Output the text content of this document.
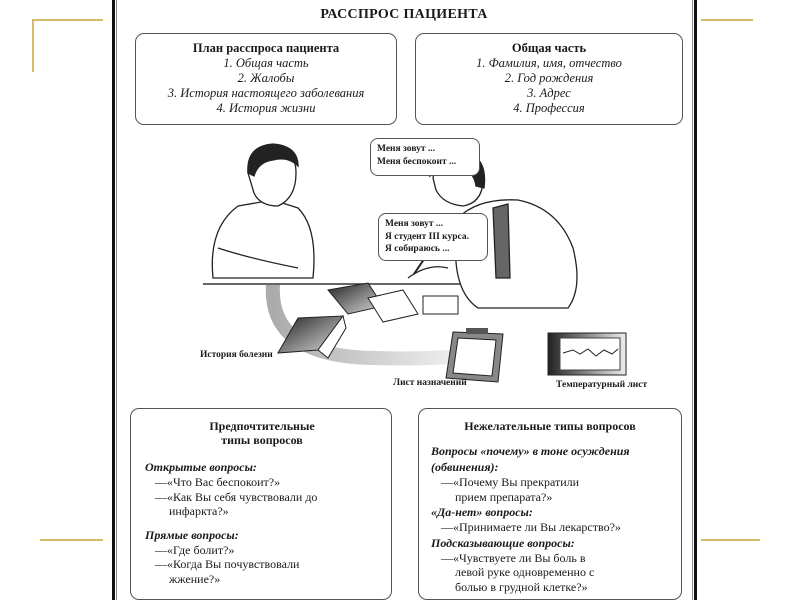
РАССПРОС ПАЦИЕНТА
План расспроса пациента
1. Общая часть
2. Жалобы
3. История настоящего заболевания
4. История жизни
Общая часть
1. Фамилия, имя, отчество
2. Год рождения
3. Адрес
4. Профессия
Меня зовут ...
Меня беспокоит ...
Меня зовут ...
Я студент III курса.
Я собираюсь ...
История болезни
Лист назначений	Температурный лист
Предпочтительные
типы вопросов
Открытые вопросы:
—«Что Вас беспокоит?»
—«Как Вы себя чувствовали до
инфаркта?»
Прямые вопросы:
—«Где болит?»
—«Когда Вы почувствовали
жжение?»
Нежелательные типы вопросов
Вопросы «почему» в тоне осуждения
(обвинения):
—«Почему Вы прекратили
прием препарата?»
«Да-нет» вопросы:
—«Принимаете ли Вы лекарство?»
Подсказывающие вопросы:
—«Чувствуете ли Вы боль в
левой руке одновременно с
болью в грудной клетке?»
